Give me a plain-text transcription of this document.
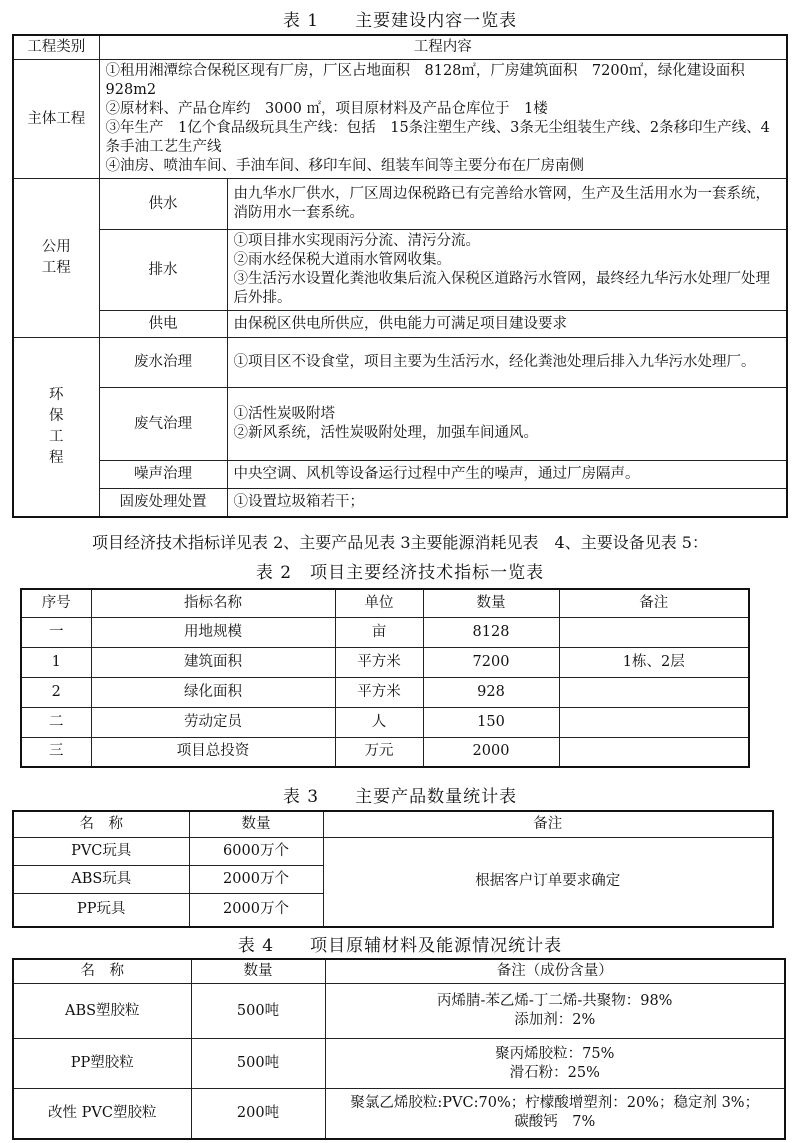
表 1　　主要建设内容一览表
工程类别	工程内容	
主体工程	①租用湘潭综合保税区现有厂房，厂区占地面积　8128㎡，厂房建筑面积　7200㎡，绿化建设面积 928m2
②原材料、产品仓库约　3000 ㎡，项目原材料及产品仓库位于　1楼
③年生产　1亿个食品级玩具生产线：包括　15条注塑生产线、3条无尘组装生产线、2条移印生产线、4条手油工艺生产线
④油房、喷油车间、手油车间、移印车间、组装车间等主要分布在厂房南侧	

公用工程	供水	由九华水厂供水，厂区周边保税路已有完善给水管网，生产及生活用水为一套系统，消防用水一套系统。

	排水	①项目排水实现雨污分流、清污分流。
②雨水经保税大道雨水管网收集。
③生活污水设置化粪池收集后流入保税区道路污水管网，最终经九华污水处理厂处理后外排。

	供电	由保税区供电所供应，供电能力可满足项目建设要求

环保工程	废水治理	①项目区不设食堂，项目主要为生活污水，经化粪池处理后排入九华污水处理厂。

	废气治理	①活性炭吸附塔
②新风系统，活性炭吸附处理，加强车间通风。

	噪声治理	中央空调、风机等设备运行过程中产生的噪声，通过厂房隔声。

	固废处理处置	①设置垃圾箱若干；
项目经济技术指标详见表 2、主要产品见表 3主要能源消耗见表　4、主要设备见表 5：
表 2　项目主要经济技术指标一览表
序号	指标名称	单位	数量	备注
一	用地规模	亩	8128	
1	建筑面积	平方米	7200	1栋、2层
2	绿化面积	平方米	928	
二	劳动定员	人	150	
三	项目总投资	万元	2000	
表 3　　主要产品数量统计表
名　称	数量	备注
PVC玩具	6000万个	根据客户订单要求确定
ABS玩具	2000万个	
PP玩具	2000万个	
表 4　　项目原辅材料及能源情况统计表
名　称	数量	备注（成份含量）
ABS塑胶粒	500吨	丙烯腈-苯乙烯-丁二烯-共聚物：98%
添加剂：2%

PP塑胶粒	500吨	聚丙烯胶粒：75%
滑石粉：25%

改性 PVC塑胶粒	200吨	聚氯乙烯胶粒:PVC:70%；柠檬酸增塑剂：20%；稳定剂 3%；
碳酸钙　7%
